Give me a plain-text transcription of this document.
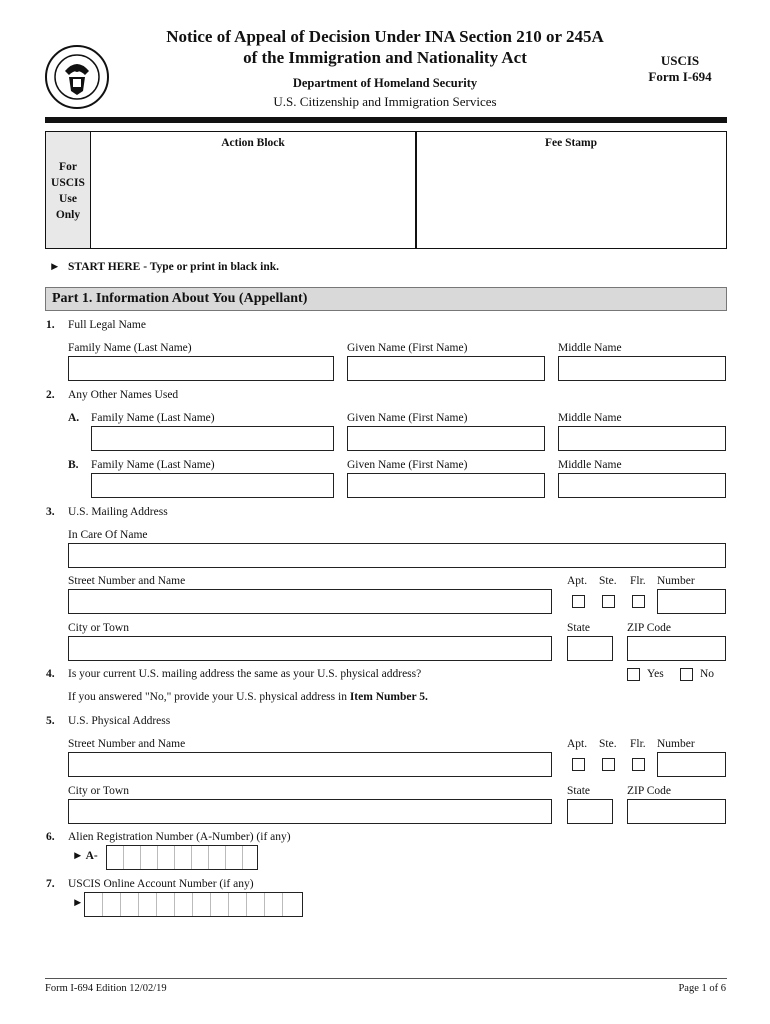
Notice of Appeal of Decision Under INA Section 210 or 245A
of the Immigration and Nationality Act
Department of Homeland Security
U.S. Citizenship and Immigration Services
USCIS
Form I-694
For
USCIS
Use
Only
Action Block	Fee Stamp
► START HERE - Type or print in black ink.
Part 1. Information About You (Appellant)
1. Full Legal Name
Family Name (Last Name)	Given Name (First Name)	Middle Name
2. Any Other Names Used
A. Family Name (Last Name)	Given Name (First Name)	Middle Name
B. Family Name (Last Name)	Given Name (First Name)	Middle Name
3. U.S. Mailing Address
In Care Of Name
Street Number and Name	Apt. Ste. Flr. Number
City or Town	State	ZIP Code
4. Is your current U.S. mailing address the same as your U.S. physical address?	Yes	No
If you answered "No," provide your U.S. physical address in Item Number 5.
5. U.S. Physical Address
Street Number and Name	Apt. Ste. Flr. Number
City or Town	State	ZIP Code
6. Alien Registration Number (A-Number) (if any)
► A-
7. USCIS Online Account Number (if any)
►
Form I-694 Edition 12/02/19	Page 1 of 6
